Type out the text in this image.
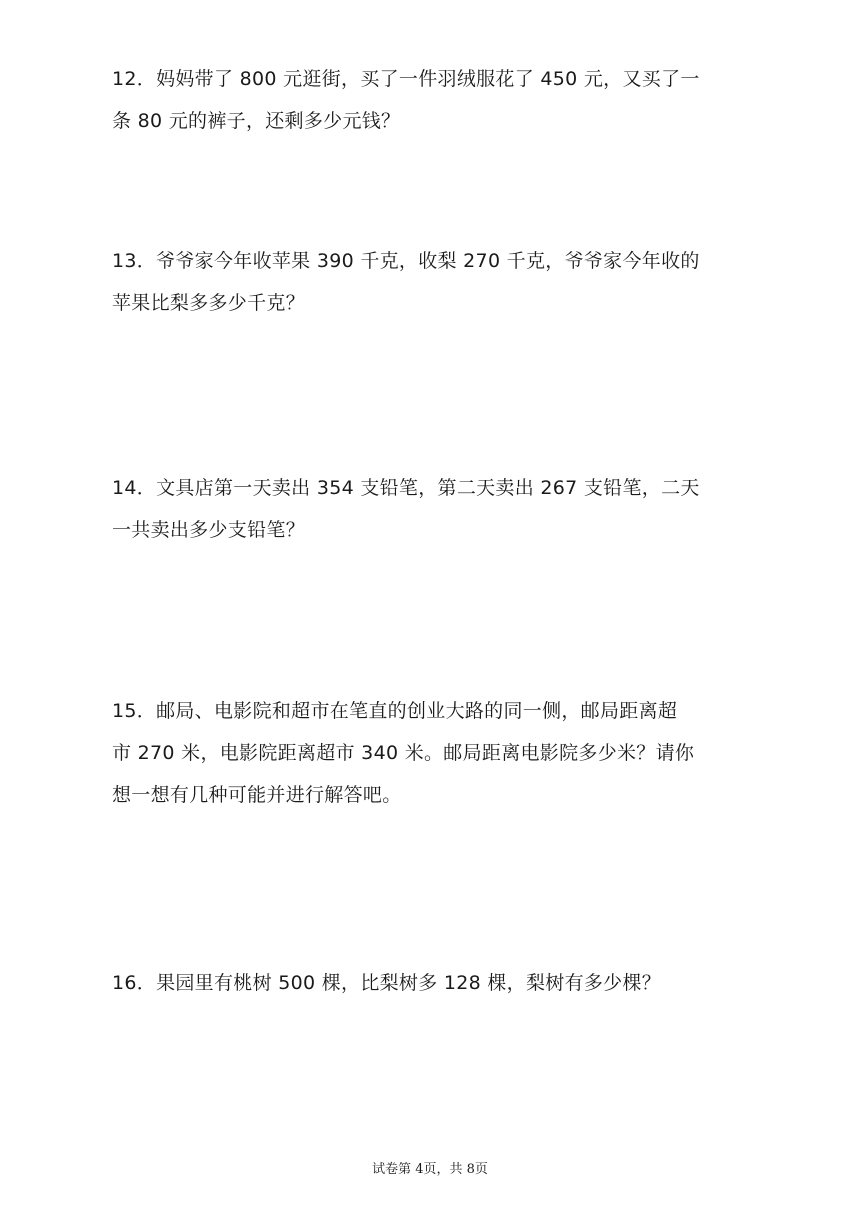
12．妈妈带了 800 元逛街，买了一件羽绒服花了 450 元，又买了一
条 80 元的裤子，还剩多少元钱？
13．爷爷家今年收苹果 390 千克，收梨 270 千克，爷爷家今年收的
苹果比梨多多少千克？
14．文具店第一天卖出 354 支铅笔，第二天卖出 267 支铅笔，二天
一共卖出多少支铅笔？
15．邮局、电影院和超市在笔直的创业大路的同一侧，邮局距离超
市 270 米，电影院距离超市 340 米。邮局距离电影院多少米？请你
想一想有几种可能并进行解答吧。
16．果园里有桃树 500 棵，比梨树多 128 棵，梨树有多少棵？
试卷第 4页，共 8页
